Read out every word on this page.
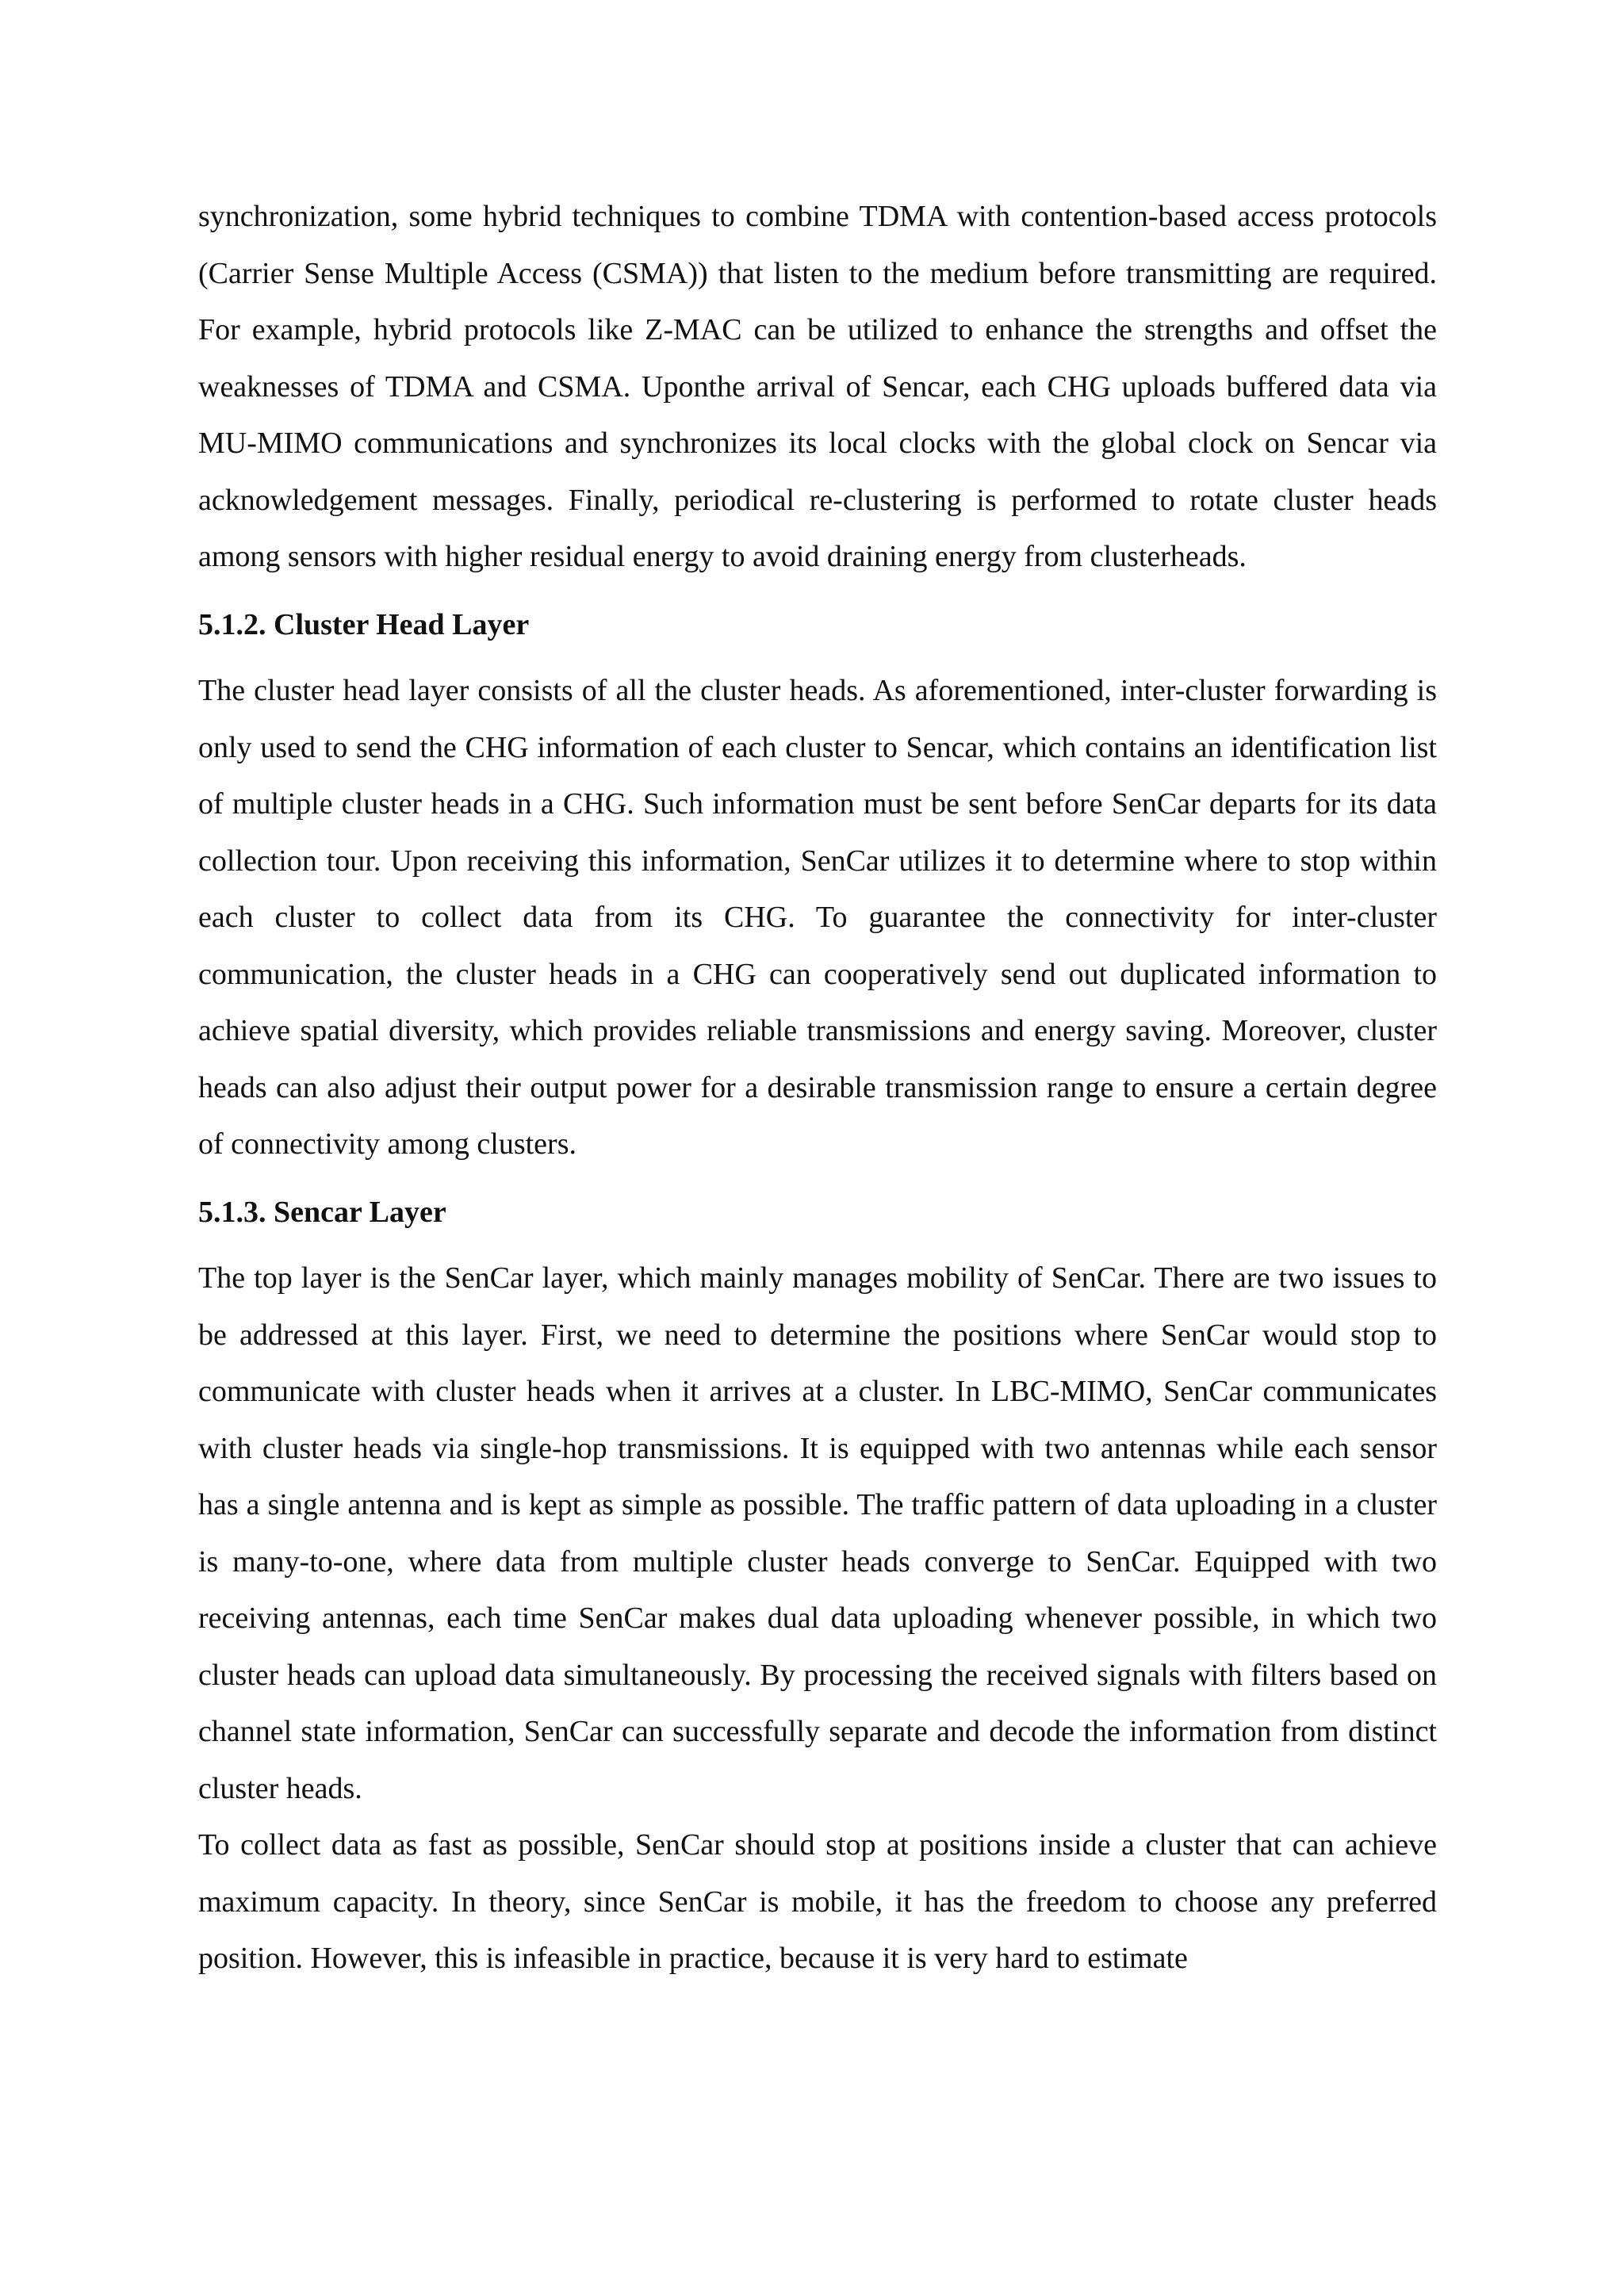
synchronization, some hybrid techniques to combine TDMA with contention-based access protocols (Carrier Sense Multiple Access (CSMA)) that listen to the medium before transmitting are required. For example, hybrid protocols like Z-MAC can be utilized to enhance the strengths and offset the weaknesses of TDMA and CSMA. Uponthe arrival of Sencar, each CHG uploads buffered data via MU-MIMO communications and synchronizes its local clocks with the global clock on Sencar via acknowledgement messages. Finally, periodical re-clustering is performed to rotate cluster heads among sensors with higher residual energy to avoid draining energy from clusterheads.

5.1.2. Cluster Head Layer

The cluster head layer consists of all the cluster heads. As aforementioned, inter-cluster forwarding is only used to send the CHG information of each cluster to Sencar, which contains an identification list of multiple cluster heads in a CHG. Such information must be sent before SenCar departs for its data collection tour. Upon receiving this information, SenCar utilizes it to determine where to stop within each cluster to collect data from its CHG. To guarantee the connectivity for inter-cluster communication, the cluster heads in a CHG can cooperatively send out duplicated information to achieve spatial diversity, which provides reliable transmissions and energy saving. Moreover, cluster heads can also adjust their output power for a desirable transmission range to ensure a certain degree of connectivity among clusters.

5.1.3. Sencar Layer

The top layer is the SenCar layer, which mainly manages mobility of SenCar. There are two issues to be addressed at this layer. First, we need to determine the positions where SenCar would stop to communicate with cluster heads when it arrives at a cluster. In LBC-MIMO, SenCar communicates with cluster heads via single-hop transmissions. It is equipped with two antennas while each sensor has a single antenna and is kept as simple as possible. The traffic pattern of data uploading in a cluster is many-to-one, where data from multiple cluster heads converge to SenCar. Equipped with two receiving antennas, each time SenCar makes dual data uploading whenever possible, in which two cluster heads can upload data simultaneously. By processing the received signals with filters based on channel state information, SenCar can successfully separate and decode the information from distinct cluster heads.

To collect data as fast as possible, SenCar should stop at positions inside a cluster that can achieve maximum capacity. In theory, since SenCar is mobile, it has the freedom to choose any preferred position. However, this is infeasible in practice, because it is very hard to estimate
